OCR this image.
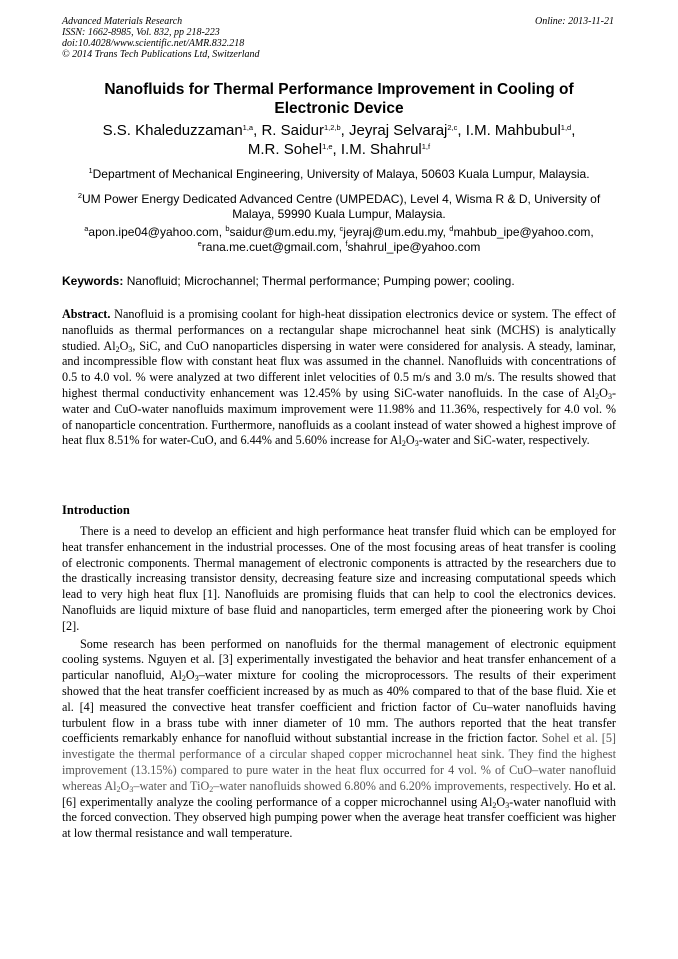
Advanced Materials Research
ISSN: 1662-8985, Vol. 832, pp 218-223
doi:10.4028/www.scientific.net/AMR.832.218
© 2014 Trans Tech Publications Ltd, Switzerland
Online: 2013-11-21
Nanofluids for Thermal Performance Improvement in Cooling of
Electronic Device
S.S. Khaleduzzaman$^{1,a}$, R. Saidur$^{1,2,b}$, Jeyraj Selvaraj$^{2,c}$, I.M. Mahbubul$^{1,d}$,
M.R. Sohel$^{1,e}$, I.M. Shahrul$^{1,f}$
$^1$Department of Mechanical Engineering, University of Malaya, 50603 Kuala Lumpur, Malaysia.
$^2$UM Power Energy Dedicated Advanced Centre (UMPEDAC), Level 4, Wisma R & D, University of Malaya, 59990 Kuala Lumpur, Malaysia.
$^a$apon.ipe04@yahoo.com, $^b$saidur@um.edu.my, $^c$jeyraj@um.edu.my, $^d$mahbub_ipe@yahoo.com,
$^e$rana.me.cuet@gmail.com, $^f$shahrul_ipe@yahoo.com
Keywords: Nanofluid; Microchannel; Thermal performance; Pumping power; cooling.
Abstract. Nanofluid is a promising coolant for high-heat dissipation electronics device or system. The effect of nanofluids as thermal performances on a rectangular shape microchannel heat sink (MCHS) is analytically studied. $Al_2O_3$, SiC, and CuO nanoparticles dispersing in water were considered for analysis. A steady, laminar, and incompressible flow with constant heat flux was assumed in the channel. Nanofluids with concentrations of 0.5 to 4.0 vol. % were analyzed at two different inlet velocities of 0.5 m/s and 3.0 m/s. The results showed that highest thermal conductivity enhancement was 12.45% by using SiC-water nanofluids. In the case of $Al_2O_3$-water and CuO-water nanofluids maximum improvement were 11.98% and 11.36%, respectively for 4.0 vol. % of nanoparticle concentration. Furthermore, nanofluids as a coolant instead of water showed a highest improve of heat flux 8.51% for water-CuO, and 6.44% and 5.60% increase for $Al_2O_3$-water and SiC-water, respectively.
Introduction

There is a need to develop an efficient and high performance heat transfer fluid which can be employed for heat transfer enhancement in the industrial processes. One of the most focusing areas of heat transfer is cooling of electronic components. Thermal management of electronic components is attracted by the researchers due to the drastically increasing transistor density, decreasing feature size and increasing computational speeds which lead to very high heat flux [1]. Nanofluids are promising fluids that can help to cool the electronics devices. Nanofluids are liquid mixture of base fluid and nanoparticles, term emerged after the pioneering work by Choi [2].

Some research has been performed on nanofluids for the thermal management of electronic equipment cooling systems. Nguyen et al. [3] experimentally investigated the behavior and heat transfer enhancement of a particular nanofluid, $Al_2O_3$–water mixture for cooling the microprocessors. The results of their experiment showed that the heat transfer coefficient increased by as much as 40% compared to that of the base fluid. Xie et al. [4] measured the convective heat transfer coefficient and friction factor of Cu–water nanofluids having turbulent flow in a brass tube with inner diameter of 10 mm. The authors reported that the heat transfer coefficients remarkably enhance for nanofluid without substantial increase in the friction factor. Sohel et al. [5] investigate the thermal performance of a circular shaped copper microchannel heat sink. They find the highest improvement (13.15%) compared to pure water in the heat flux occurred for 4 vol. % of CuO–water nanofluid whereas $Al_2O_3$–water and TiO$_2$–water nanofluids showed 6.80% and 6.20% improvements, respectively. Ho et al. [6] experimentally analyze the cooling performance of a copper microchannel using $Al_2O_3$-water nanofluid with the forced convection. They observed high pumping power when the average heat transfer coefficient was higher at low thermal resistance and wall temperature.
